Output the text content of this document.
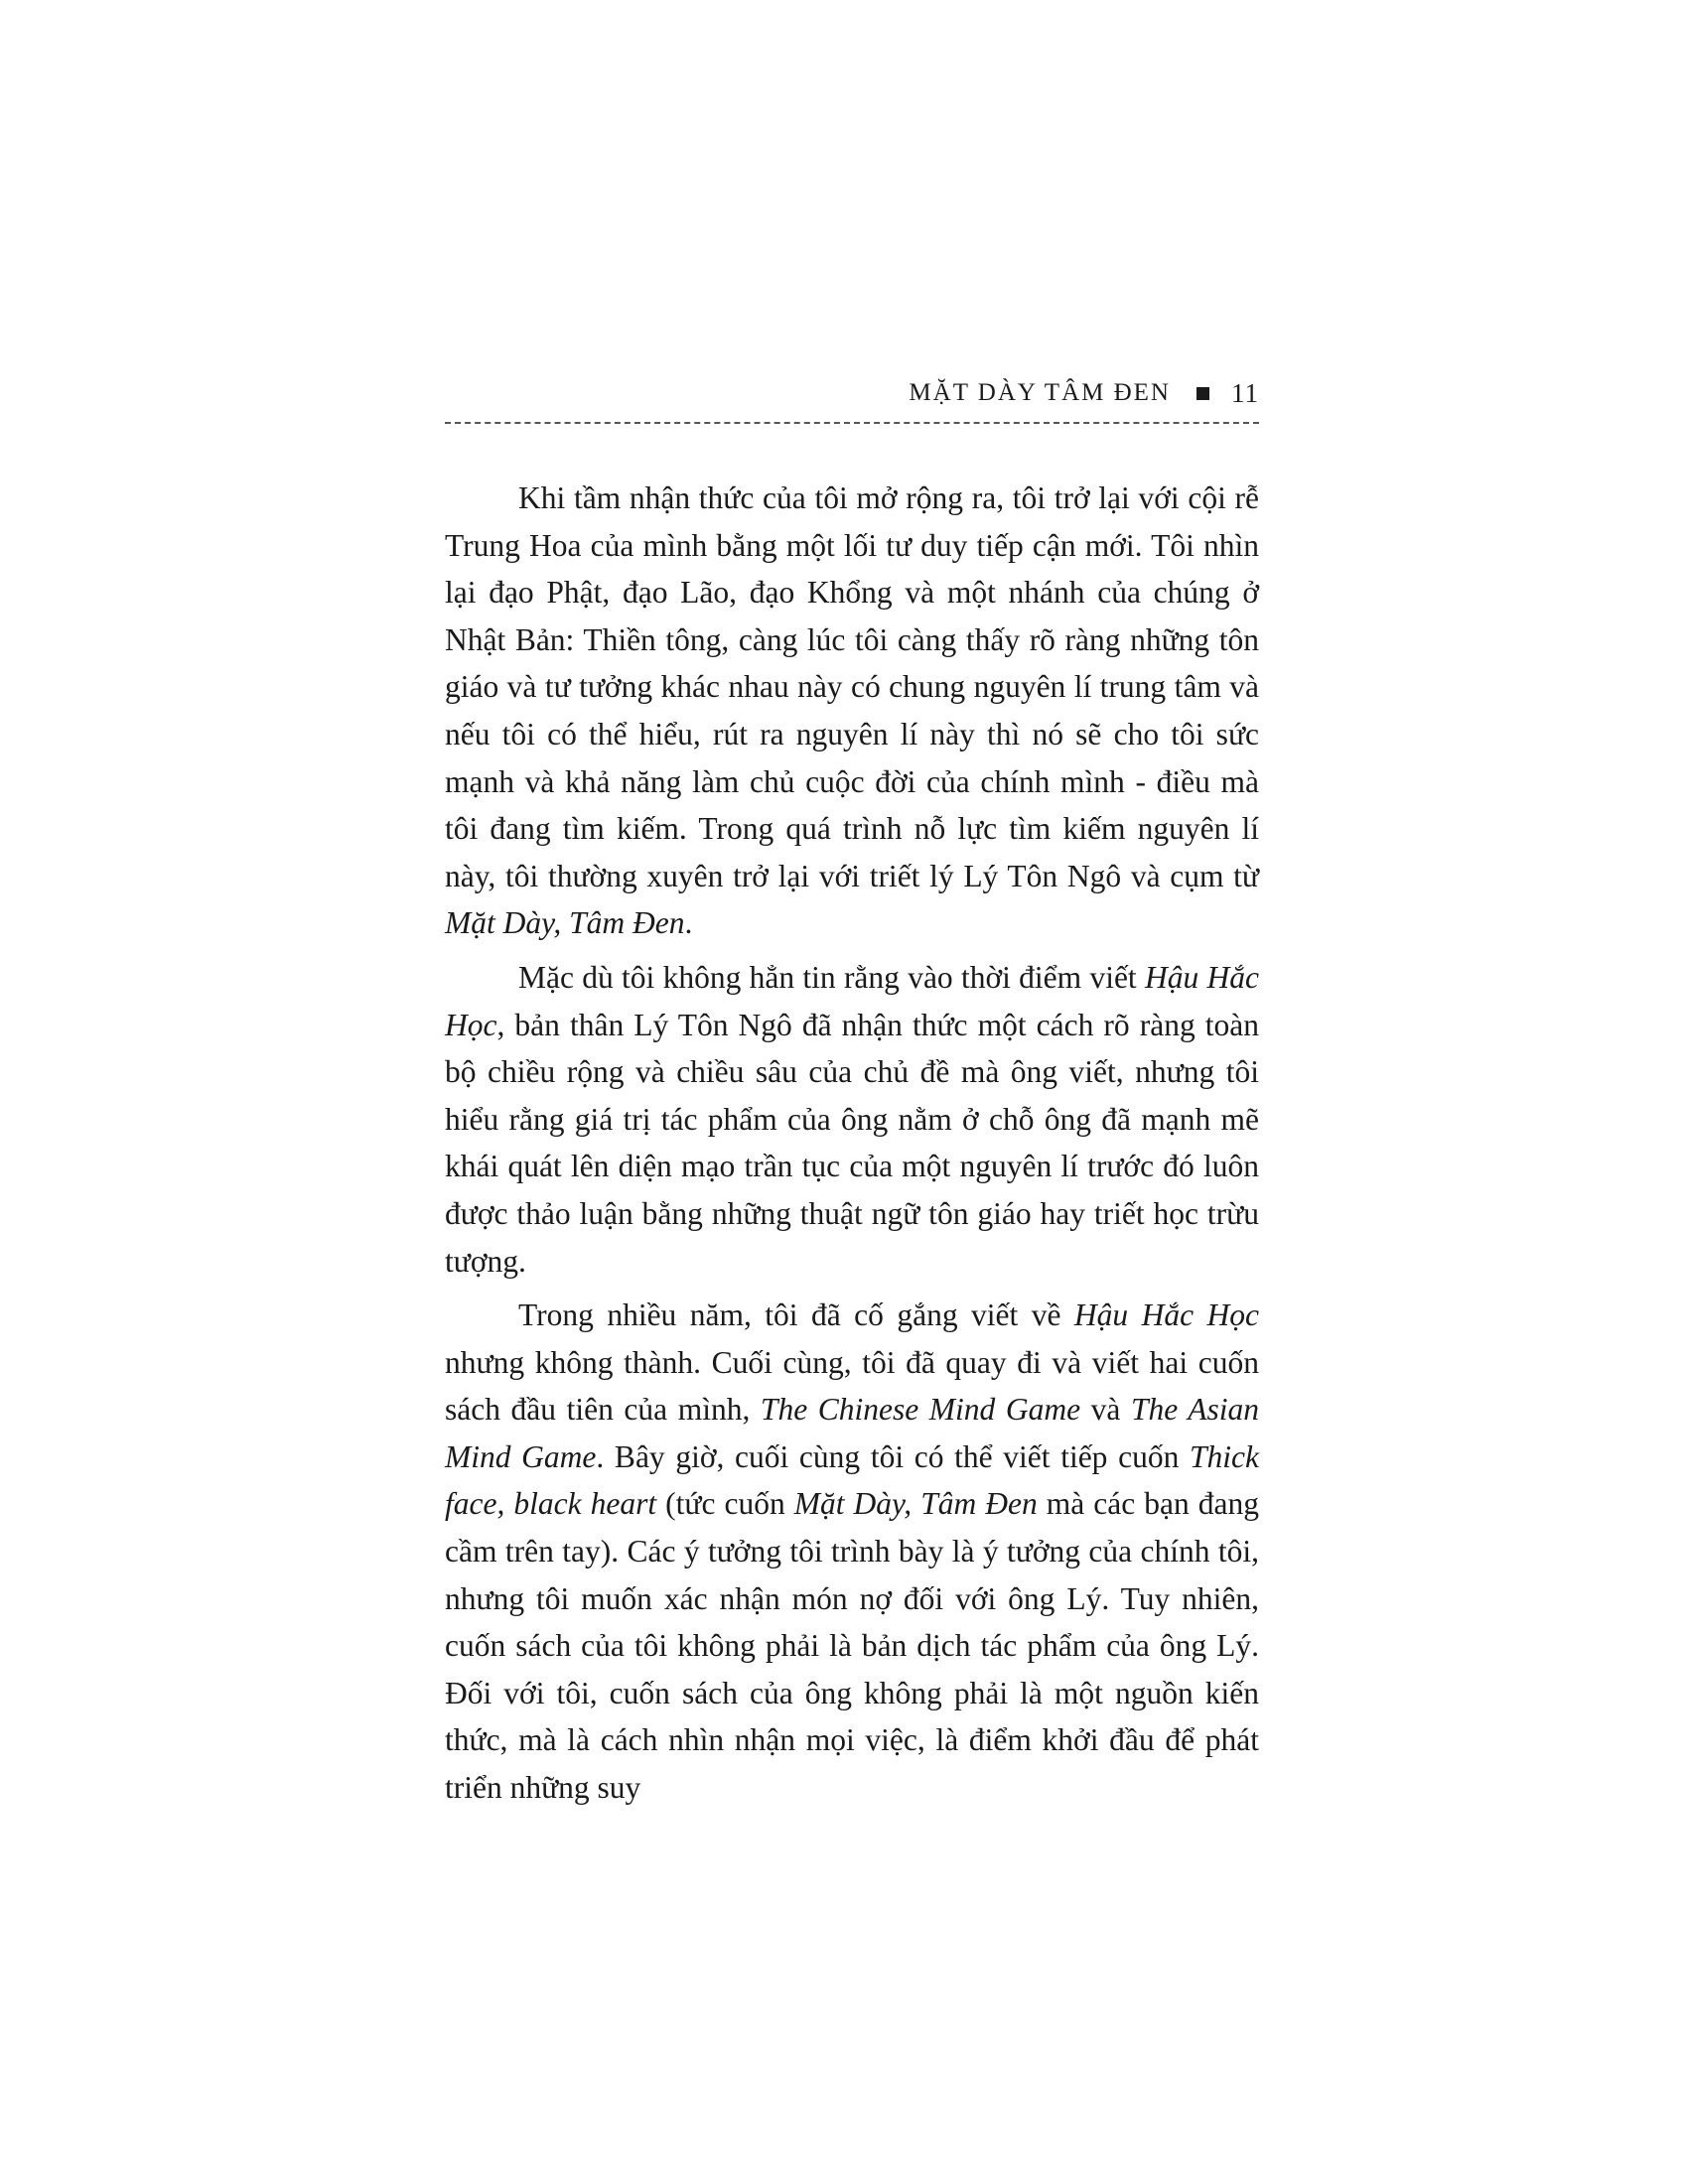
MẶT DÀY TÂM ĐEN 11

Khi tầm nhận thức của tôi mở rộng ra, tôi trở lại với cội rễ Trung Hoa của mình bằng một lối tư duy tiếp cận mới. Tôi nhìn lại đạo Phật, đạo Lão, đạo Khổng và một nhánh của chúng ở Nhật Bản: Thiền tông, càng lúc tôi càng thấy rõ ràng những tôn giáo và tư tưởng khác nhau này có chung nguyên lí trung tâm và nếu tôi có thể hiểu, rút ra nguyên lí này thì nó sẽ cho tôi sức mạnh và khả năng làm chủ cuộc đời của chính mình - điều mà tôi đang tìm kiếm. Trong quá trình nỗ lực tìm kiếm nguyên lí này, tôi thường xuyên trở lại với triết lý Lý Tôn Ngô và cụm từ Mặt Dày, Tâm Đen.

Mặc dù tôi không hẳn tin rằng vào thời điểm viết Hậu Hắc Học, bản thân Lý Tôn Ngô đã nhận thức một cách rõ ràng toàn bộ chiều rộng và chiều sâu của chủ đề mà ông viết, nhưng tôi hiểu rằng giá trị tác phẩm của ông nằm ở chỗ ông đã mạnh mẽ khái quát lên diện mạo trần tục của một nguyên lí trước đó luôn được thảo luận bằng những thuật ngữ tôn giáo hay triết học trừu tượng.

Trong nhiều năm, tôi đã cố gắng viết về Hậu Hắc Học nhưng không thành. Cuối cùng, tôi đã quay đi và viết hai cuốn sách đầu tiên của mình, The Chinese Mind Game và The Asian Mind Game. Bây giờ, cuối cùng tôi có thể viết tiếp cuốn Thick face, black heart (tức cuốn Mặt Dày, Tâm Đen mà các bạn đang cầm trên tay). Các ý tưởng tôi trình bày là ý tưởng của chính tôi, nhưng tôi muốn xác nhận món nợ đối với ông Lý. Tuy nhiên, cuốn sách của tôi không phải là bản dịch tác phẩm của ông Lý. Đối với tôi, cuốn sách của ông không phải là một nguồn kiến thức, mà là cách nhìn nhận mọi việc, là điểm khởi đầu để phát triển những suy
